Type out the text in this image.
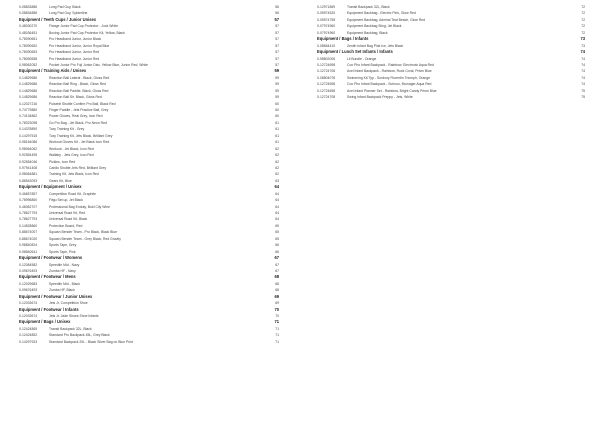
0-08833886	Long Pad Guy, Black	56
0-08834886	Long Pad Guy, Spiderline	56
Equipment / Teeth Cups / Junior Unisex	57
0-48030270	Flange Junior Pad Cup Protector - Jock White	57
0-48036451	Boxing Junior Pad Cup Protector Kit, Yellow, Black	57
0-78090651	Pro Headband Junior, Junior Black	57
0-78090652	Pro Headband Junior, Junior Royal Blue	57
0-78090653	Pro Headband Junior, Junior Red	57
0-78090658	Pro Headband Junior, Junior Red	57
0-98062052	Pocket Junior Pro Fuji Junior Disc, Yellow Blue, Junior Red, White	57
Equipment / Training Aids / Unisex	59
0-14829686	Reaction Ball Lateral - Black, Gloss Red	59
0-14829686	Reaction Ball Ring - Black, Gloss Red	59
0-14829686	Reaction Ball Paddle, Black, Gloss Red	59
0-14829686	Reaction Ball Sir. Black, Gloss Red	59
0-12027216	Pulsebit Shuttle Confirm Pro Ball, Black Red	60
0-74779880	Finger Paddle - Jets Practice Ball, Grey	60
0-74134862	Power Gloves, Real Grey, Icon Red	60
0-78023098	Go Pro Bag - Jet Black, Pro Neon Red	61
0-14378890	Toxy Training Kit - Grey	61
0-14297515	Toxy Training Kit, Jets Black, Brilliant Grey	61
0-98164086	Workout Gloves Kit - Jet Black Icon Red	61
0-98064062	Workout - Jet Black, Icon Red	62
0-92554495	Wallaby - Jets Grey, Icon Red	62
0-92554046	Pickles, Icon Red	62
0-97941408	Cardio Shuttle Jets Red, Brilliant Grey	62
0-98064881	Training Kit, Jets Black, Icon Red	62
0-88543093	Gears Kit, Blue	63
Equipment / Equipment / Unisex	64
0-46657857	Competition Road Kit, Graphite	64
0-78996860	Fitgu Set up, Jet Black	64
0-46062707	Professional Bag Enduty, Bold City Wine	64
0-78627793	Universal Road Kit, Red	64
0-78627793	Universal Road Kit, Black	64
0-14528860	Protection Board, Red	65
0-88674007	Squash Bender Team - Pro Black, Black Blue	65
0-88674020	Squash Bender Team - Grey Black, Red Gravity	65
0-98840824	Sports Tape, Grey	66
0-98840641	Sports Tape, Pink	66
Equipment / Footwear / Womens	67
0-12084582	Speedlin Mid - Navy	67
0-09676493	Zumba HF - Navy	67
Equipment / Footwear / Mens	68
0-12029683	Speedlin Mid - Black	68
0-09676493	Zumba HF, Black	68
Equipment / Footwear / Junior Unisex	69
0-12033674	Jets Jr. Competition Shoe	69
Equipment / Footwear / Infants	70
0-12033674	Jets Jr. Jade Shoes Shoe Infants	70
Equipment / Bags / Unisex	71
0-12424865	Transit Backpack 32L, Black	71
0-12424852	Standard Pro Backpack 45L, Grey Black	71
0-14297923	Standard Backpack 20L - Black Silver Bag on Blue Print	71
0-12971869	Transit Backpack 32L, Black	72
0-05974520	Equipment Backbag - Electric Pink, Glow Red	72
0-05974755	Equipment Backbag, Admiral Teal Beach, Glow Red	72
0-07974960	Equipment Backbag Sling, Jet Black	72
0-07974960	Equipment Backbag, Black	72
Equipment / Bags / Infants	73
0-08654410	Zenith Infant Bag Pink Ice, Jets Black	73
Equipment / Lunch Set Infants / Infants	74
0-98802006	Lil Bundle - Orange	74
0-12724698	Coo Pho Infant Backpack - Rainbow, Electronic Aqua Red	74
0-12724708	Axel Infant Backpack - Rainbow, Rock Coral, Prism Blue	74
0-08804078	Swimming Kit Typ - Sunbury Florentin Triumph, Orange	74
0-12724698	Coo Pho Infant Backpack - Schnoo, Brunager Aqua Red	74
0-12724698	Axel Infant Planner Set - Rainbow, Bright Candy Prism Blue	75
0-12724708	Swing Infant Backpack Preppy - Jets, White	75
